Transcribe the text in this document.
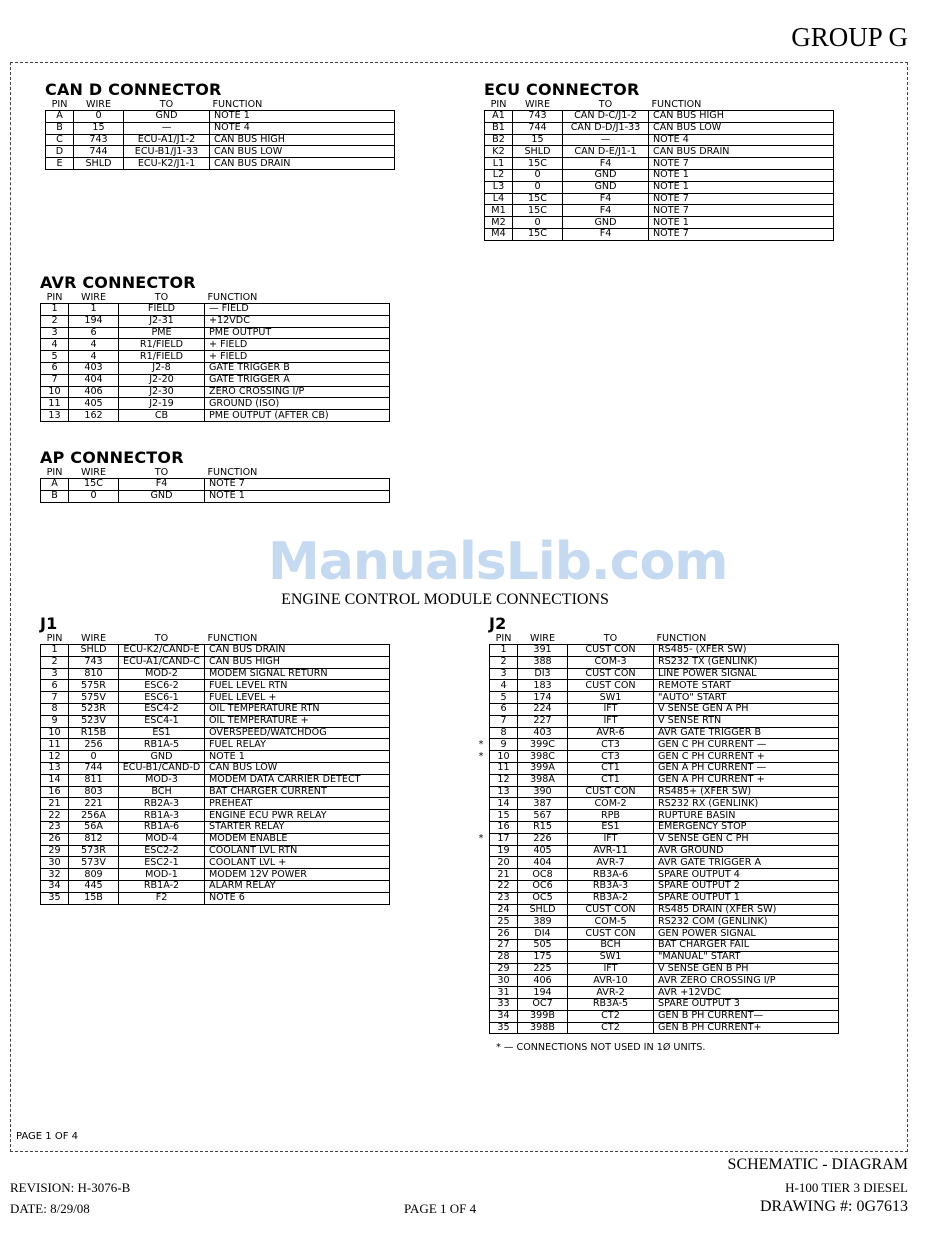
GROUP G
CAN D CONNECTOR
PIN	WIRE	TO	FUNCTION
A	0	GND	NOTE 1
B	15	—	NOTE 4
C	743	ECU-A1/J1-2	CAN BUS HIGH
D	744	ECU-B1/J1-33	CAN BUS LOW
E	SHLD	ECU-K2/J1-1	CAN BUS DRAIN
ECU CONNECTOR
PIN	WIRE	TO	FUNCTION
A1	743	CAN D-C/J1-2	CAN BUS HIGH
B1	744	CAN D-D/J1-33	CAN BUS LOW
B2	15	—	NOTE 4
K2	SHLD	CAN D-E/J1-1	CAN BUS DRAIN
L1	15C	F4	NOTE 7
L2	0	GND	NOTE 1
L3	0	GND	NOTE 1
L4	15C	F4	NOTE 7
M1	15C	F4	NOTE 7
M2	0	GND	NOTE 1
M4	15C	F4	NOTE 7
AVR CONNECTOR
PIN	WIRE	TO	FUNCTION
1	1	FIELD	— FIELD
2	194	J2-31	+12VDC
3	6	PME	PME OUTPUT
4	4	R1/FIELD	+ FIELD
5	4	R1/FIELD	+ FIELD
6	403	J2-8	GATE TRIGGER B
7	404	J2-20	GATE TRIGGER A
10	406	J2-30	ZERO CROSSING I/P
11	405	J2-19	GROUND (ISO)
13	162	CB	PME OUTPUT (AFTER CB)
AP CONNECTOR
PIN	WIRE	TO	FUNCTION
A	15C	F4	NOTE 7
B	0	GND	NOTE 1
ManualsLib.com
ENGINE CONTROL MODULE CONNECTIONS
J1
PIN	WIRE	TO	FUNCTION
1	SHLD	ECU-K2/CAND-E	CAN BUS DRAIN
2	743	ECU-A1/CAND-C	CAN BUS HIGH
3	810	MOD-2	MODEM SIGNAL RETURN
6	575R	ESC6-2	FUEL LEVEL RTN
7	575V	ESC6-1	FUEL LEVEL +
8	523R	ESC4-2	OIL TEMPERATURE RTN
9	523V	ESC4-1	OIL TEMPERATURE +
10	R15B	ES1	OVERSPEED/WATCHDOG
11	256	RB1A-5	FUEL RELAY
12	0	GND	NOTE 1
13	744	ECU-B1/CAND-D	CAN BUS LOW
14	811	MOD-3	MODEM DATA CARRIER DETECT
16	803	BCH	BAT CHARGER CURRENT
21	221	RB2A-3	PREHEAT
22	256A	RB1A-3	ENGINE ECU PWR RELAY
23	56A	RB1A-6	STARTER RELAY
26	812	MOD-4	MODEM ENABLE
29	573R	ESC2-2	COOLANT LVL RTN
30	573V	ESC2-1	COOLANT LVL +
32	809	MOD-1	MODEM 12V POWER
34	445	RB1A-2	ALARM RELAY
35	15B	F2	NOTE 6
J2
PIN	WIRE	TO	FUNCTION
1	391	CUST CON	RS485- (XFER SW)
2	388	COM-3	RS232 TX (GENLINK)
3	DI3	CUST CON	LINE POWER SIGNAL
4	183	CUST CON	REMOTE START
5	174	SW1	"AUTO" START
6	224	IFT	V SENSE GEN A PH
7	227	IFT	V SENSE RTN
8	403	AVR-6	AVR GATE TRIGGER B

* 9	399C	CT3	GEN C PH CURRENT —

* 10	398C	CT3	GEN C PH CURRENT +
11	399A	CT1	GEN A PH CURRENT —
12	398A	CT1	GEN A PH CURRENT +
13	390	CUST CON	RS485+ (XFER SW)
14	387	COM-2	RS232 RX (GENLINK)
15	567	RPB	RUPTURE BASIN
16	R15	ES1	EMERGENCY STOP

* 17	226	IFT	V SENSE GEN C PH
19	405	AVR-11	AVR GROUND
20	404	AVR-7	AVR GATE TRIGGER A
21	OC8	RB3A-6	SPARE OUTPUT 4
22	OC6	RB3A-3	SPARE OUTPUT 2
23	OC5	RB3A-2	SPARE OUTPUT 1
24	SHLD	CUST CON	RS485 DRAIN (XFER SW)
25	389	COM-5	RS232 COM (GENLINK)
26	DI4	CUST CON	GEN POWER SIGNAL
27	505	BCH	BAT CHARGER FAIL
28	175	SW1	"MANUAL" START
29	225	IFT	V SENSE GEN B PH
30	406	AVR-10	AVR ZERO CROSSING I/P
31	194	AVR-2	AVR +12VDC
33	OC7	RB3A-5	SPARE OUTPUT 3
34	399B	CT2	GEN B PH CURRENT—
35	398B	CT2	GEN B PH CURRENT+
* — CONNECTIONS NOT USED IN 1Ø UNITS.
PAGE 1 OF 4
SCHEMATIC - DIAGRAM
REVISION: H-3076-B	H-100 TIER 3 DIESEL
DATE: 8/29/08	PAGE 1 OF 4	DRAWING #: 0G7613
